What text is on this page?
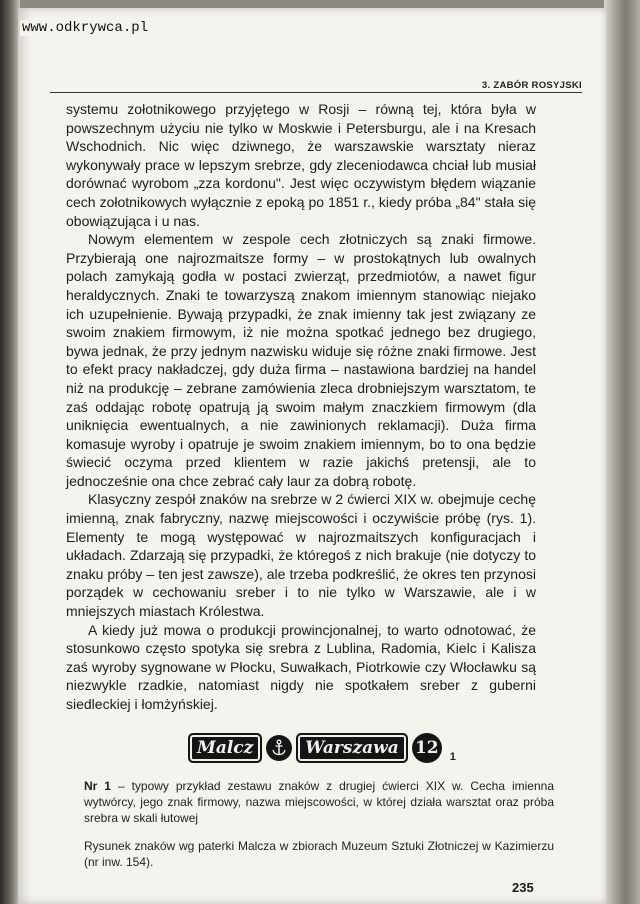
www.odkrywca.pl
3. ZABÓR ROSYJSKI

systemu zołotnikowego przyjętego w Rosji – równą tej, która była w powszechnym użyciu nie tylko w Moskwie i Petersburgu, ale i na Kresach Wschodnich. Nic więc dziwnego, że warszawskie warsztaty nieraz wykonywały prace w lepszym srebrze, gdy zleceniodawca chciał lub musiał dorównać wyrobom „zza kordonu". Jest więc oczywistym błędem wiązanie cech zołotnikowych wyłącznie z epoką po 1851 r., kiedy próba „84" stała się obowiązująca i u nas.

Nowym elementem w zespole cech złotniczych są znaki firmowe. Przybierają one najrozmaitsze formy – w prostokątnych lub owalnych polach zamykają godła w postaci zwierząt, przedmiotów, a nawet figur heraldycznych. Znaki te towarzyszą znakom imiennym stanowiąc niejako ich uzupełnienie. Bywają przypadki, że znak imienny tak jest związany ze swoim znakiem firmowym, iż nie można spotkać jednego bez drugiego, bywa jednak, że przy jednym nazwisku widuje się różne znaki firmowe. Jest to efekt pracy nakładczej, gdy duża firma – nastawiona bardziej na handel niż na produkcję – zebrane zamówienia zleca drobniejszym warsztatom, te zaś oddając robotę opatrują ją swoim małym znaczkiem firmowym (dla uniknięcia ewentualnych, a nie zawinionych reklamacji). Duża firma komasuje wyroby i opatruje je swoim znakiem imiennym, bo to ona będzie świecić oczyma przed klientem w razie jakichś pretensji, ale to jednocześnie ona chce zebrać cały laur za dobrą robotę.

Klasyczny zespół znaków na srebrze w 2 ćwierci XIX w. obejmuje cechę imienną, znak fabryczny, nazwę miejscowości i oczywiście próbę (rys. 1). Elementy te mogą występować w najrozmaitszych konfiguracjach i układach. Zdarzają się przypadki, że któregoś z nich brakuje (nie dotyczy to znaku próby – ten jest zawsze), ale trzeba podkreślić, że okres ten przynosi porządek w cechowaniu sreber i to nie tylko w Warszawie, ale i w mniejszych miastach Królestwa.

A kiedy już mowa o produkcji prowincjonalnej, to warto odnotować, że stosunkowo często spotyka się srebra z Lublina, Radomia, Kielc i Kalisza zaś wyroby sygnowane w Płocku, Suwałkach, Piotrkowie czy Włocławku są niezwykle rzadkie, natomiast nigdy nie spotkałem sreber z guberni siedleckiej i łomżyńskiej.

Malcz	Warszawa 12 1
Nr 1 – typowy przykład zestawu znaków z drugiej ćwierci XIX w. Cecha imienna wytwórcy, jego znak firmowy, nazwa miejscowości, w której działa warsztat oraz próba srebra w skali łutowej
Rysunek znaków wg paterki Malcza w zbiorach Muzeum Sztuki Złotniczej w Kazimierzu (nr inw. 154).
235
